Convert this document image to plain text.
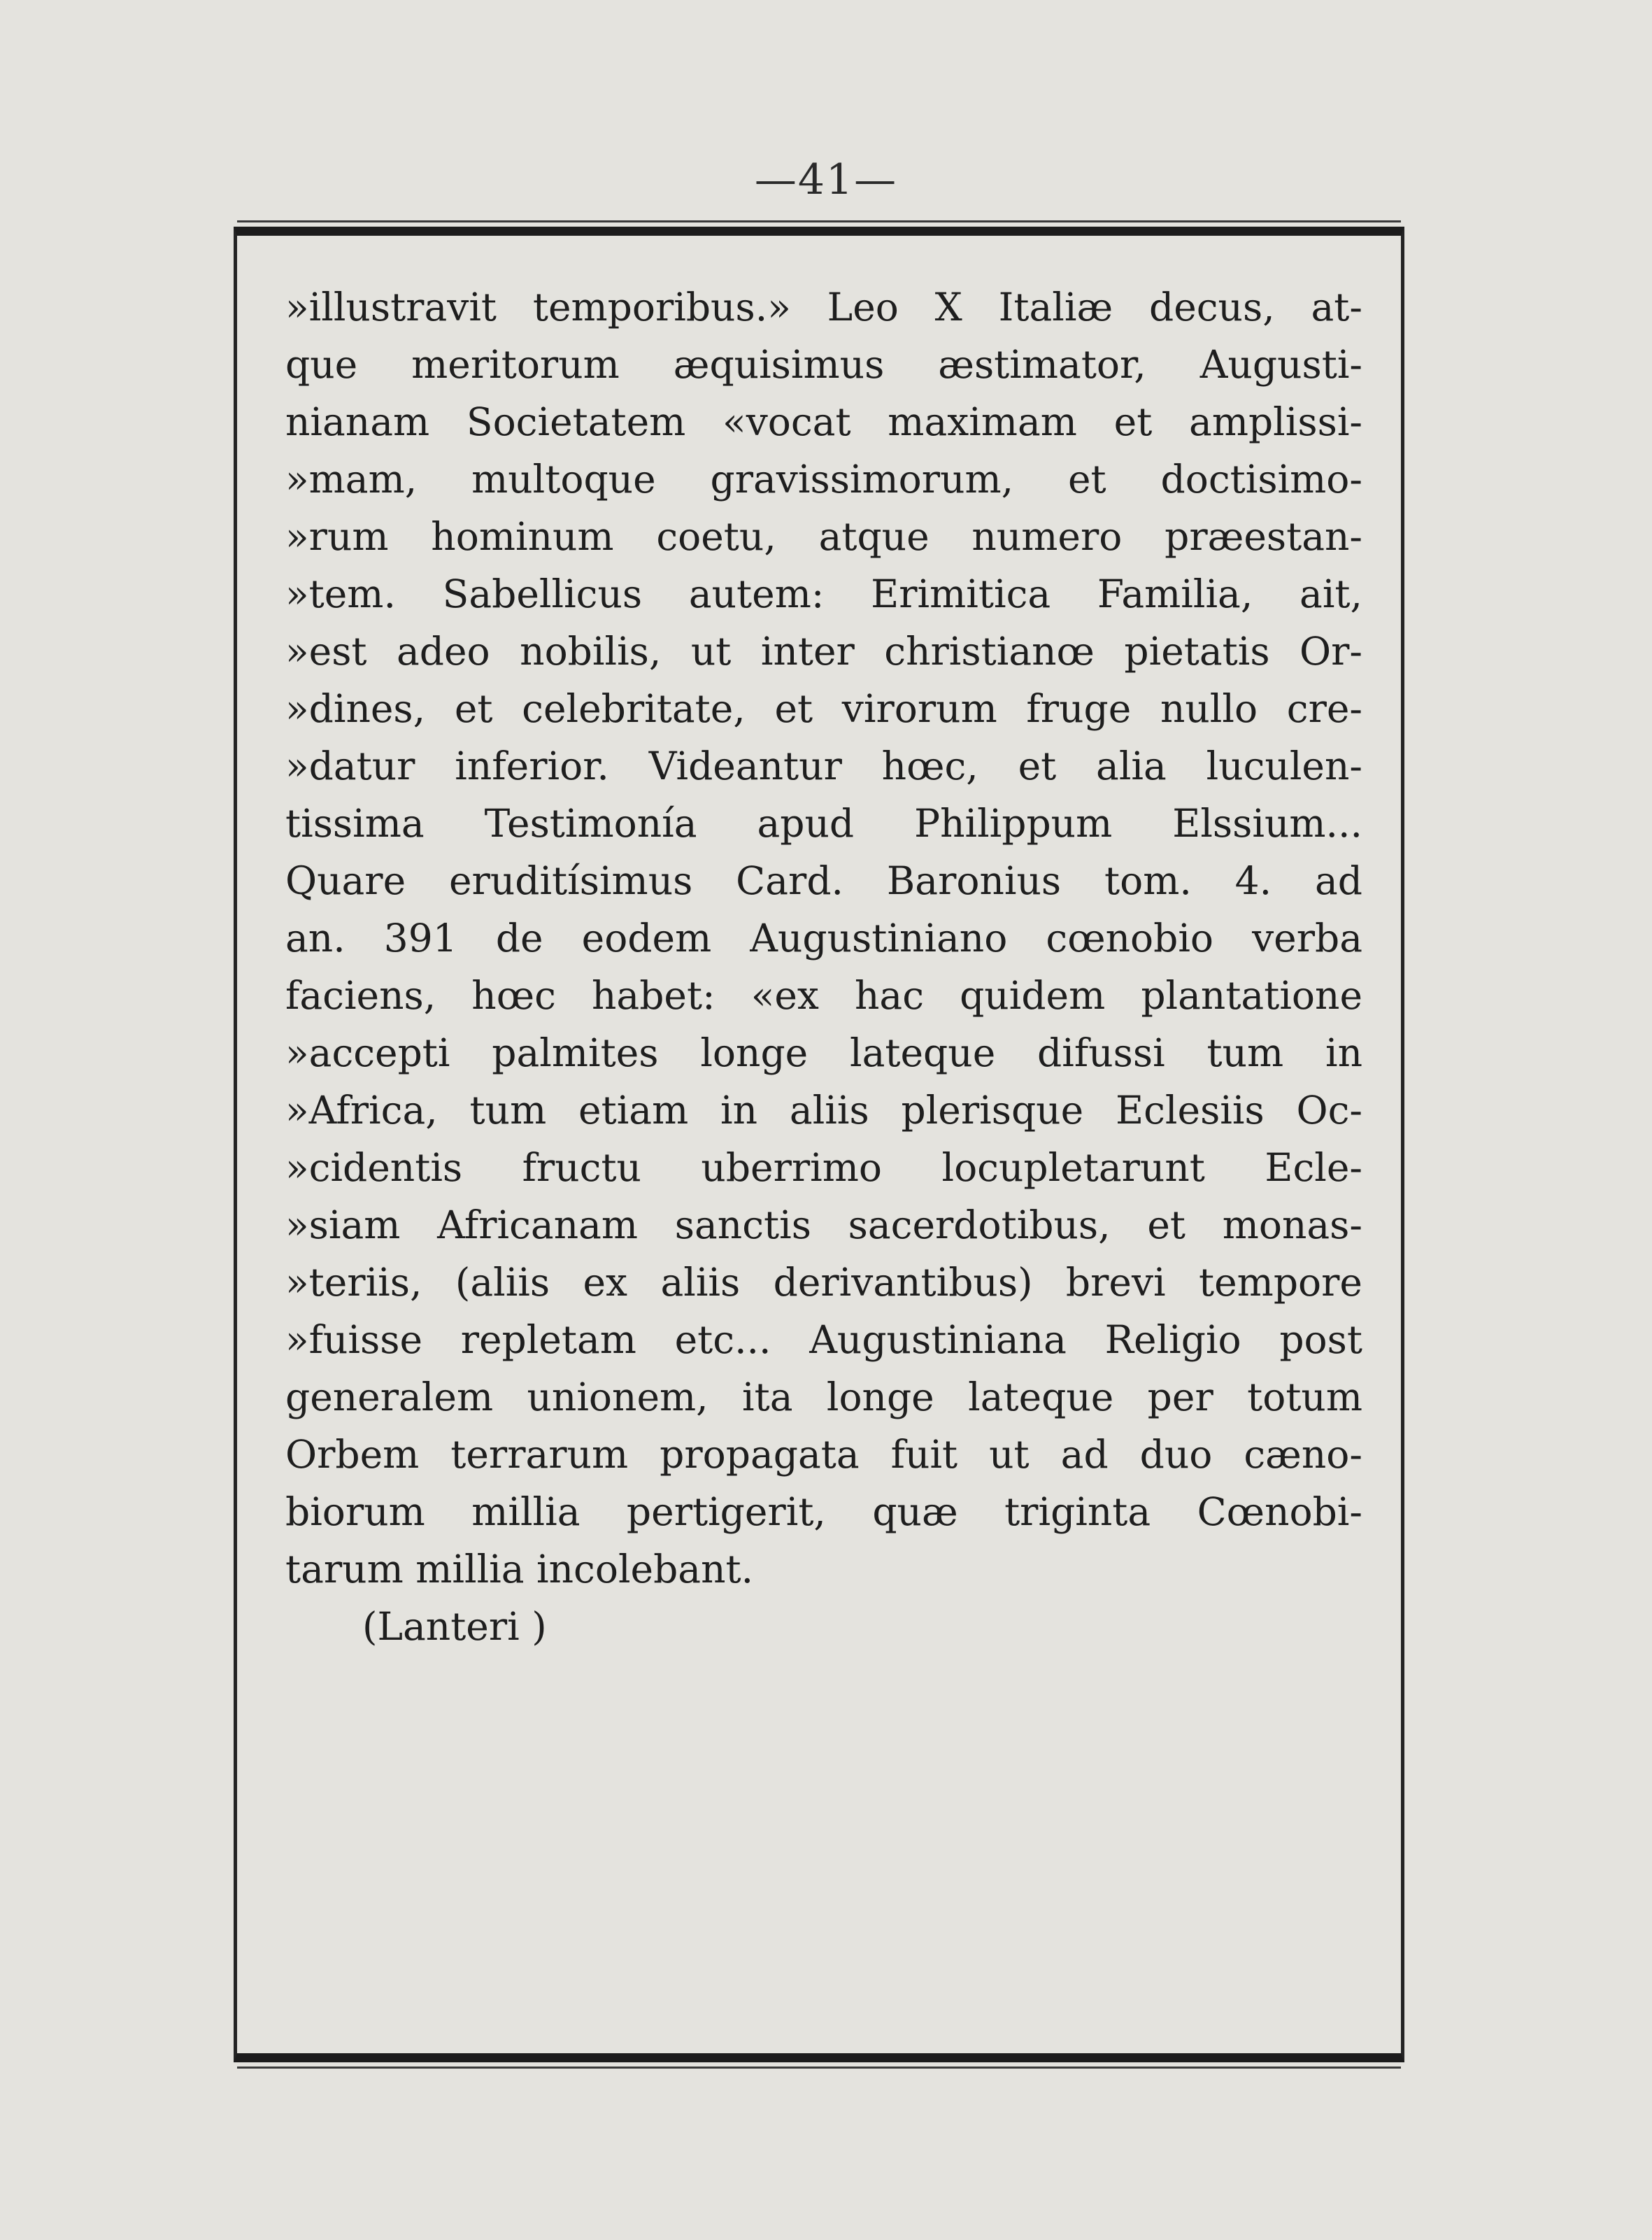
—41—
»illustravit temporibus.» Leo X Italiæ decus, at-
que meritorum æquisimus æstimator, Augusti-
nianam Societatem «vocat maximam et amplissi-
»mam, multoque gravissimorum, et doctisimo-
»rum hominum coetu, atque numero præestan-
»tem. Sabellicus autem: Erimitica Familia, ait,
»est adeo nobilis, ut inter christianœ pietatis Or-
»dines, et celebritate, et virorum fruge nullo cre-
»datur inferior. Videantur hœc, et alia luculen-
tissima Testimonía apud Philippum Elssium...
Quare eruditísimus Card. Baronius tom. 4. ad
an. 391 de eodem Augustiniano cœnobio verba
faciens, hœc habet: «ex hac quidem plantatione
»accepti palmites longe lateque difussi tum in
»Africa, tum etiam in aliis plerisque Eclesiis Oc-
»cidentis fructu uberrimo locupletarunt Ecle-
»siam Africanam sanctis sacerdotibus, et monas-
»teriis, (aliis ex aliis derivantibus) brevi tempore
»fuisse repletam etc... Augustiniana Religio post
generalem unionem, ita longe lateque per totum
Orbem terrarum propagata fuit ut ad duo cæno-
biorum millia pertigerit, quæ triginta Cœnobi-
tarum millia incolebant.
(Lanteri )
